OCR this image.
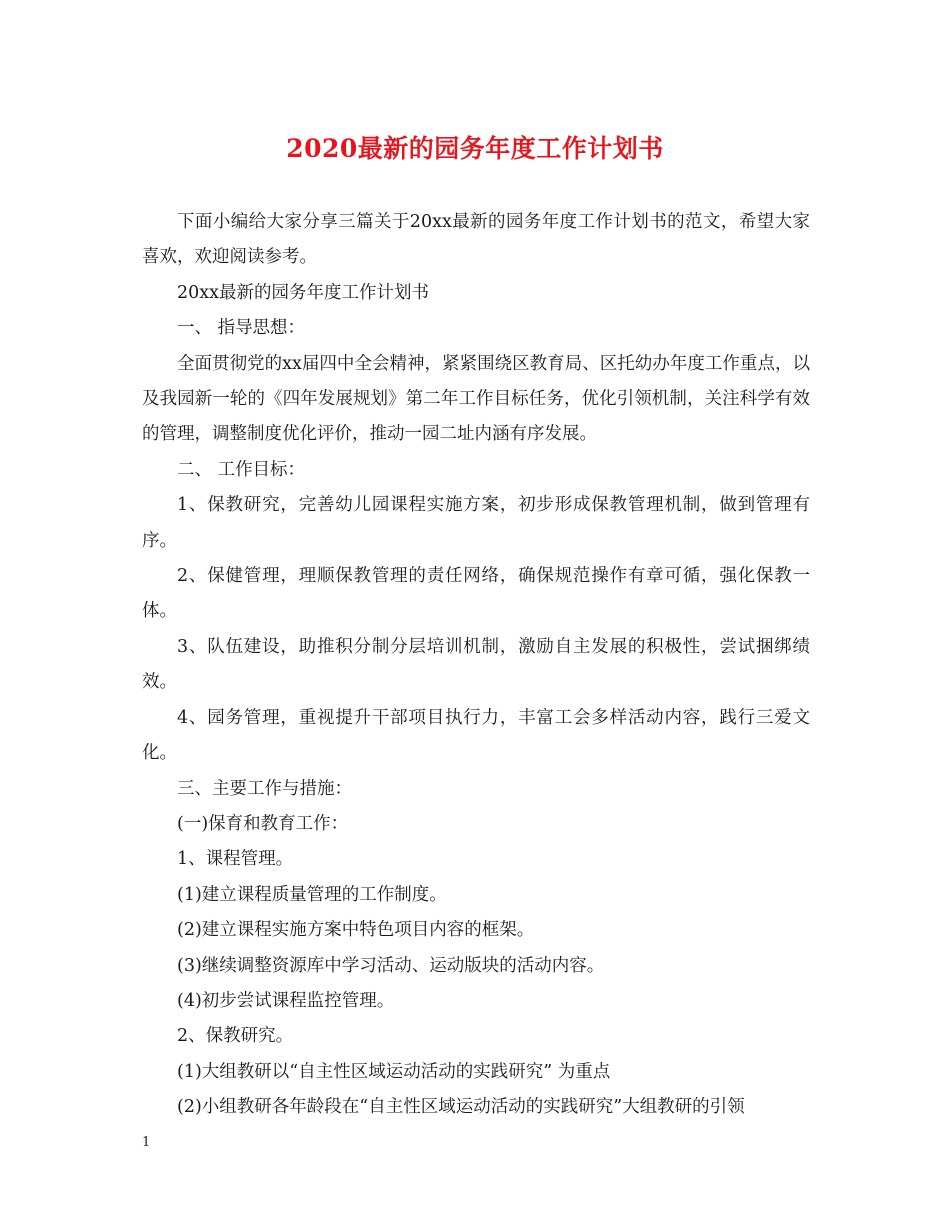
2020最新的园务年度工作计划书

下面小编给大家分享三篇关于20xx最新的园务年度工作计划书的范文，希望大家喜欢，欢迎阅读参考。

20xx最新的园务年度工作计划书

一、 指导思想：

全面贯彻党的xx届四中全会精神，紧紧围绕区教育局、区托幼办年度工作重点，以及我园新一轮的《四年发展规划》第二年工作目标任务，优化引领机制，关注科学有效的管理，调整制度优化评价，推动一园二址内涵有序发展。

二、 工作目标：

1、保教研究，完善幼儿园课程实施方案，初步形成保教管理机制，做到管理有序。

2、保健管理，理顺保教管理的责任网络，确保规范操作有章可循，强化保教一体。

3、队伍建设，助推积分制分层培训机制，激励自主发展的积极性，尝试捆绑绩效。

4、园务管理，重视提升干部项目执行力，丰富工会多样活动内容，践行三爱文化。

三、主要工作与措施：

(一)保育和教育工作：

1、课程管理。

(1)建立课程质量管理的工作制度。

(2)建立课程实施方案中特色项目内容的框架。

(3)继续调整资源库中学习活动、运动版块的活动内容。

(4)初步尝试课程监控管理。

2、保教研究。

(1)大组教研以“自主性区域运动活动的实践研究” 为重点

(2)小组教研各年龄段在“自主性区域运动活动的实践研究”大组教研的引领

1
